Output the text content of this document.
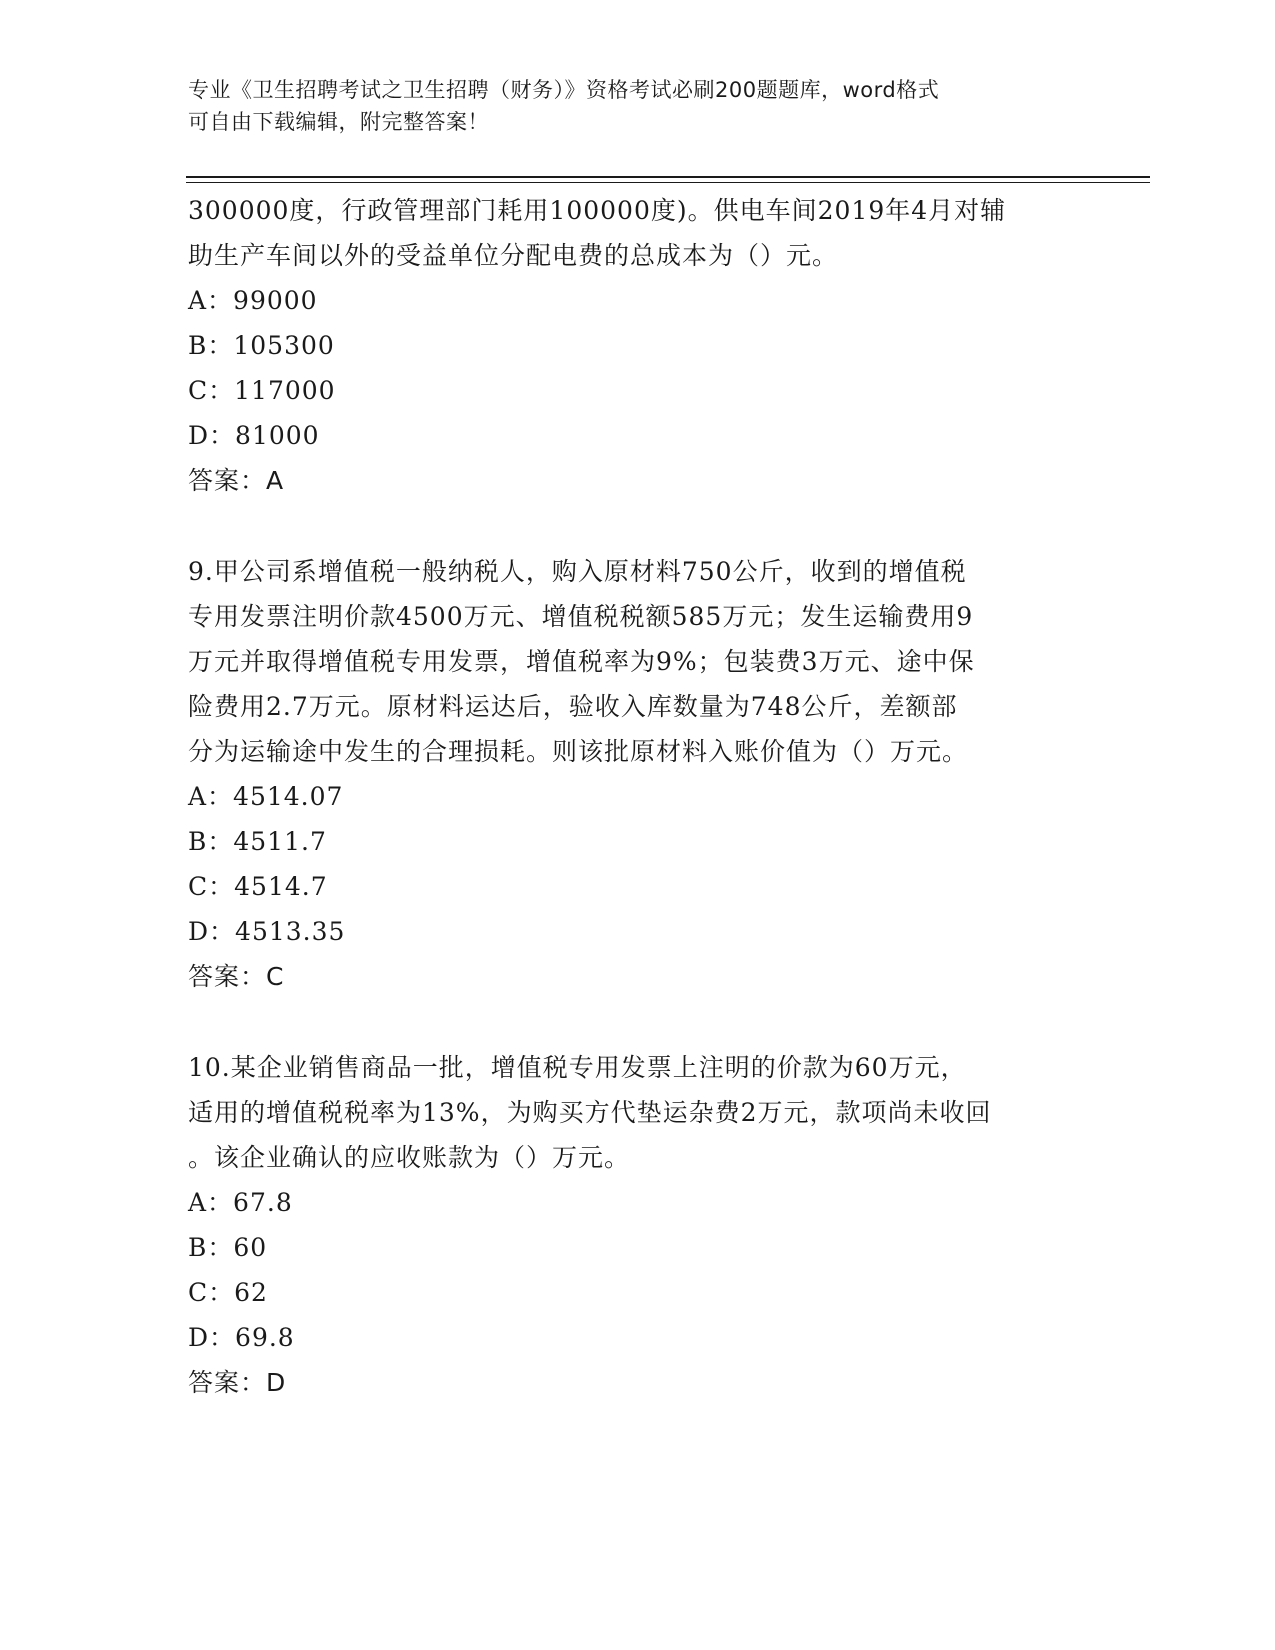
专业《卫生招聘考试之卫生招聘（财务）》资格考试必刷200题题库，word格式
可自由下载编辑，附完整答案！
300000度，行政管理部门耗用100000度)。供电车间2019年4月对辅
助生产车间以外的受益单位分配电费的总成本为（）元。
A：99000
B：105300
C：117000
D：81000
答案：A
9.甲公司系增值税一般纳税人，购入原材料750公斤，收到的增值税
专用发票注明价款4500万元、增值税税额585万元；发生运输费用9
万元并取得增值税专用发票，增值税率为9%；包装费3万元、途中保
险费用2.7万元。原材料运达后，验收入库数量为748公斤，差额部
分为运输途中发生的合理损耗。则该批原材料入账价值为（）万元。
A：4514.07
B：4511.7
C：4514.7
D：4513.35
答案：C
10.某企业销售商品一批，增值税专用发票上注明的价款为60万元，
适用的增值税税率为13%，为购买方代垫运杂费2万元，款项尚未收回
。该企业确认的应收账款为（）万元。
A：67.8
B：60
C：62
D：69.8
答案：D
